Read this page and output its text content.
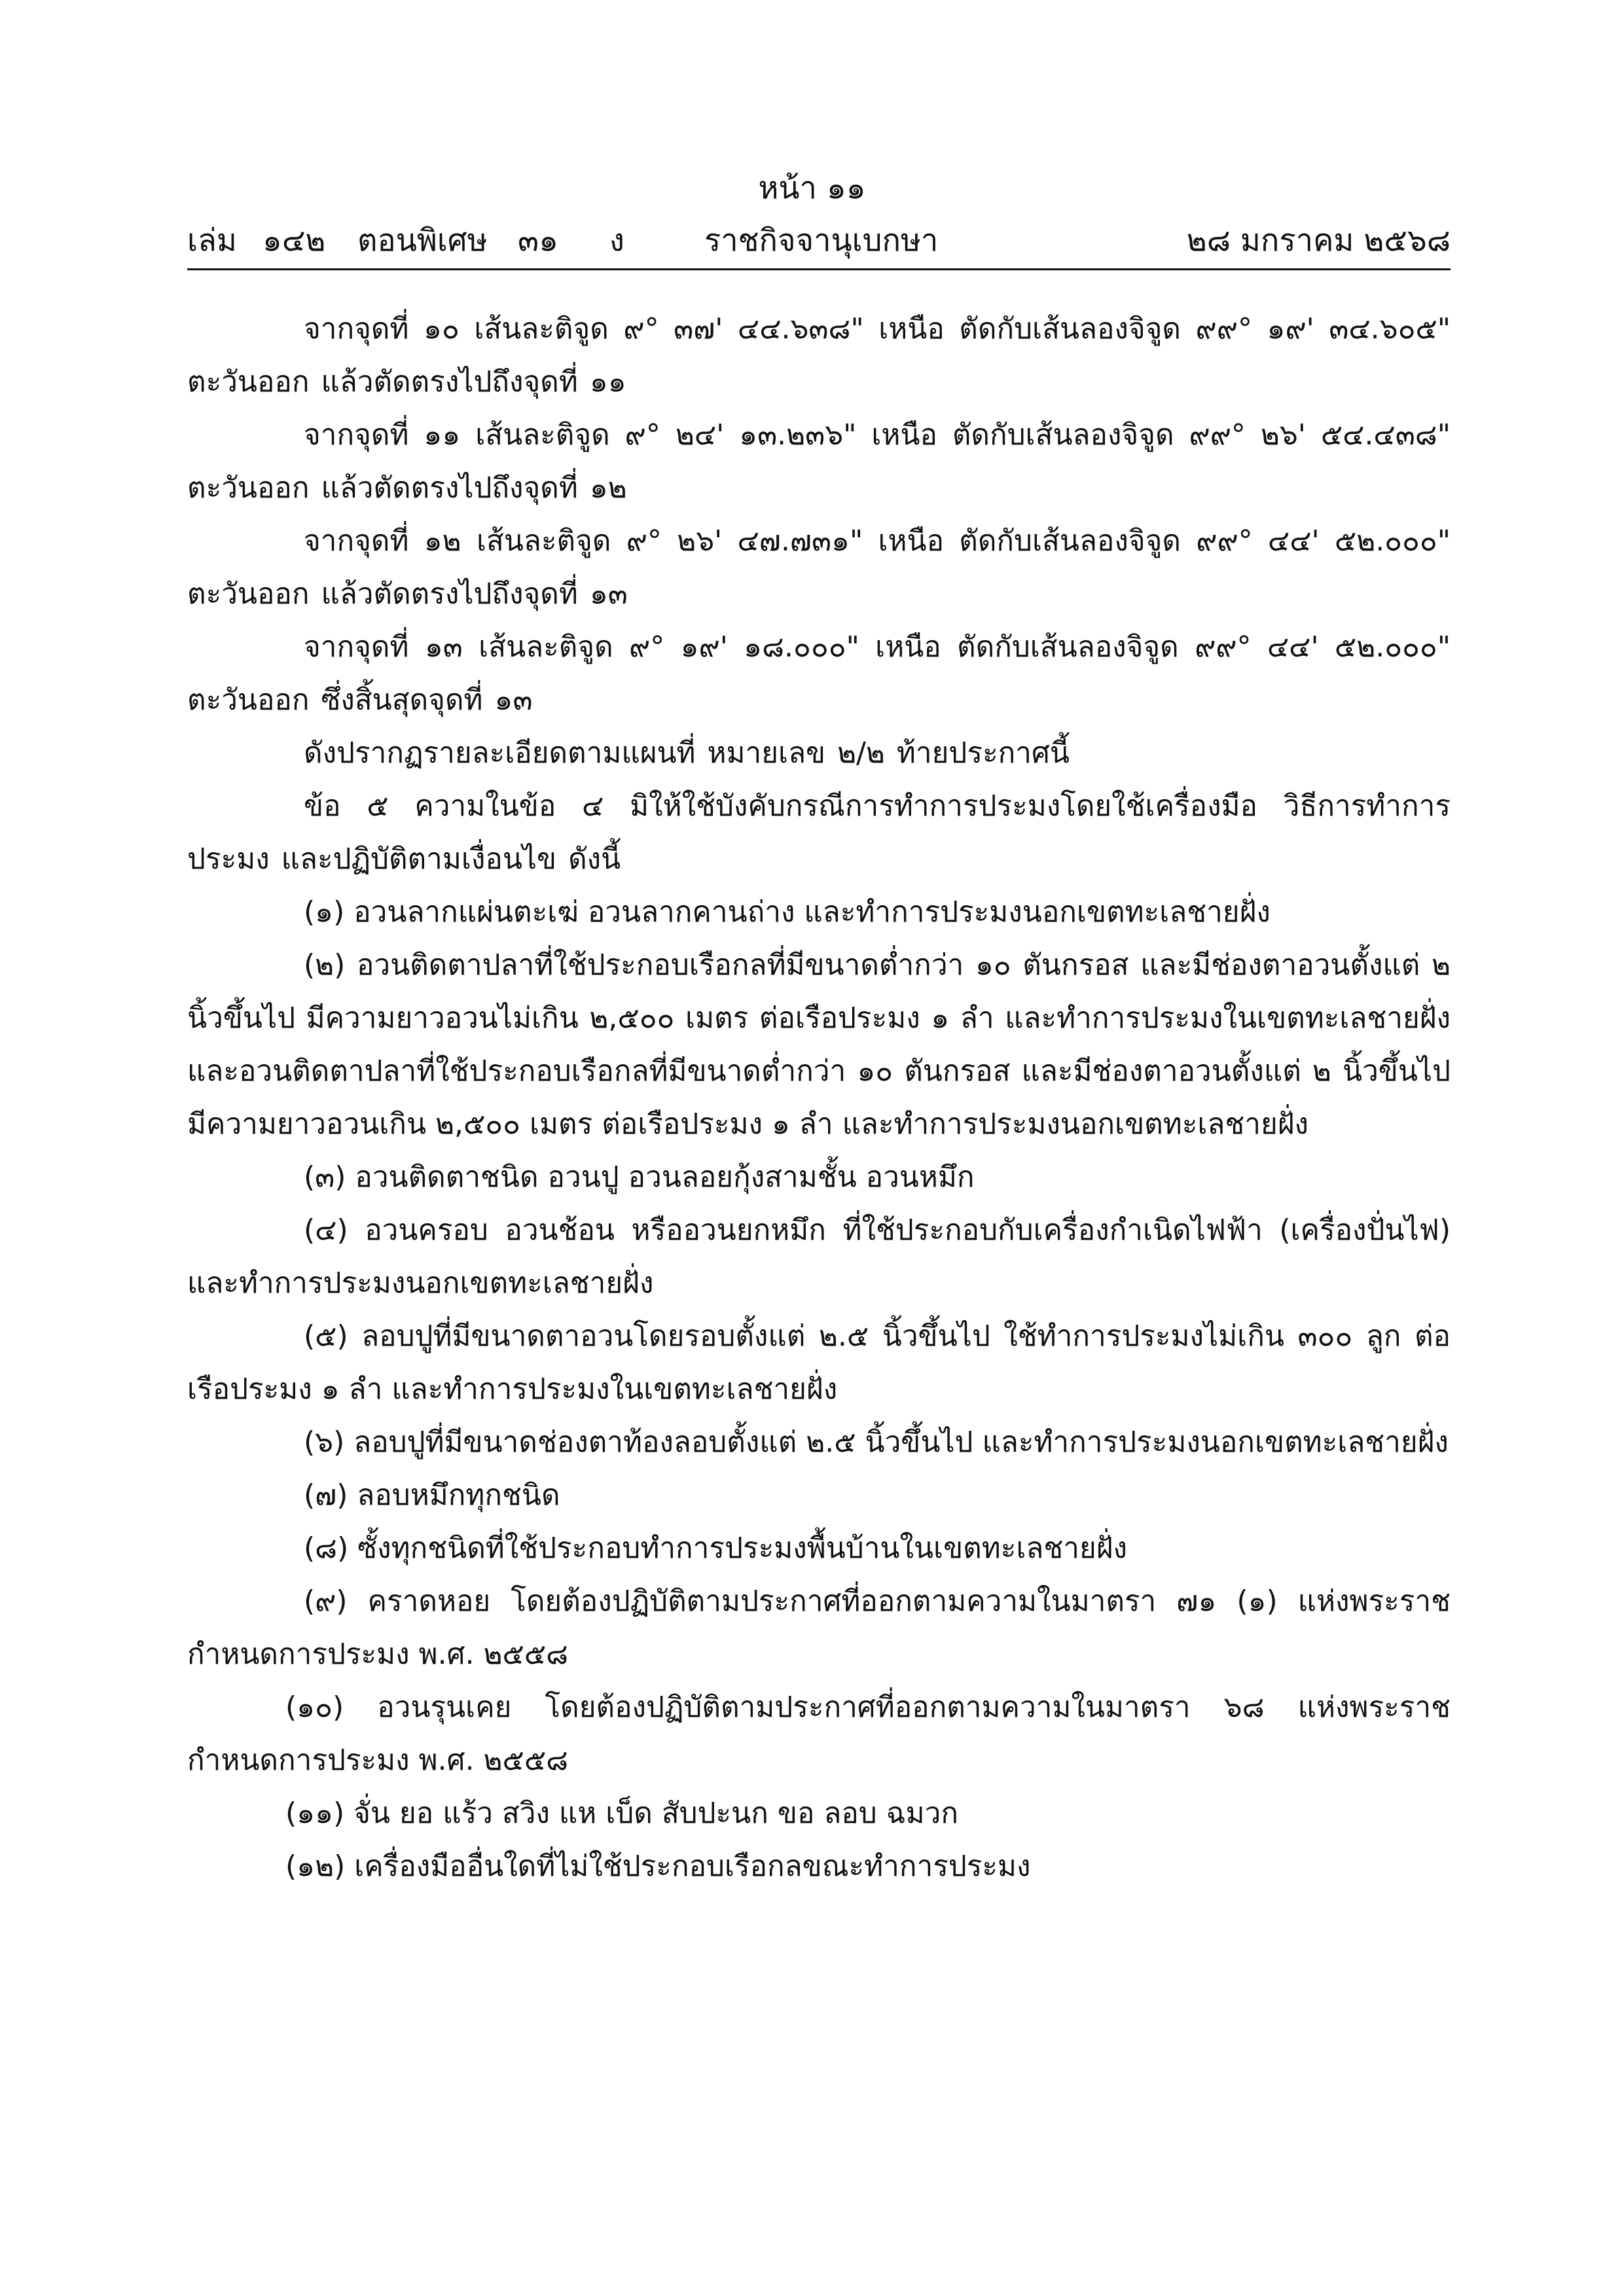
หน้า ๑๑
เล่ม ๑๔๒ ตอนพิเศษ ๓๑ ง	ราชกิจจานุเบกษา	๒๘ มกราคม ๒๕๖๘

จากจุดที่ ๑๐ เส้นละติจูด ๙° ๓๗' ๔๔.๖๓๘" เหนือ ตัดกับเส้นลองจิจูด ๙๙° ๑๙' ๓๔.๖๐๕" ตะวันออก แล้วตัดตรงไปถึงจุดที่ ๑๑

จากจุดที่ ๑๑ เส้นละติจูด ๙° ๒๔' ๑๓.๒๓๖" เหนือ ตัดกับเส้นลองจิจูด ๙๙° ๒๖' ๕๔.๔๓๘" ตะวันออก แล้วตัดตรงไปถึงจุดที่ ๑๒

จากจุดที่ ๑๒ เส้นละติจูด ๙° ๒๖' ๔๗.๗๓๑" เหนือ ตัดกับเส้นลองจิจูด ๙๙° ๔๔' ๕๒.๐๐๐" ตะวันออก แล้วตัดตรงไปถึงจุดที่ ๑๓

จากจุดที่ ๑๓ เส้นละติจูด ๙° ๑๙' ๑๘.๐๐๐" เหนือ ตัดกับเส้นลองจิจูด ๙๙° ๔๔' ๕๒.๐๐๐" ตะวันออก ซึ่งสิ้นสุดจุดที่ ๑๓

ดังปรากฏรายละเอียดตามแผนที่ หมายเลข ๒/๒ ท้ายประกาศนี้

ข้อ ๕ ความในข้อ ๔ มิให้ใช้บังคับกรณีการทำการประมงโดยใช้เครื่องมือ วิธีการทำการประมง และปฏิบัติตามเงื่อนไข ดังนี้

(๑) อวนลากแผ่นตะเฆ่ อวนลากคานถ่าง และทำการประมงนอกเขตทะเลชายฝั่ง

(๒) อวนติดตาปลาที่ใช้ประกอบเรือกลที่มีขนาดต่ำกว่า ๑๐ ตันกรอส และมีช่องตาอวนตั้งแต่ ๒ นิ้วขึ้นไป มีความยาวอวนไม่เกิน ๒,๕๐๐ เมตร ต่อเรือประมง ๑ ลำ และทำการประมงในเขตทะเลชายฝั่ง และอวนติดตาปลาที่ใช้ประกอบเรือกลที่มีขนาดต่ำกว่า ๑๐ ตันกรอส และมีช่องตาอวนตั้งแต่ ๒ นิ้วขึ้นไป มีความยาวอวนเกิน ๒,๕๐๐ เมตร ต่อเรือประมง ๑ ลำ และทำการประมงนอกเขตทะเลชายฝั่ง

(๓) อวนติดตาชนิด อวนปู อวนลอยกุ้งสามชั้น อวนหมึก

(๔) อวนครอบ อวนช้อน หรืออวนยกหมึก ที่ใช้ประกอบกับเครื่องกำเนิดไฟฟ้า (เครื่องปั่นไฟ) และทำการประมงนอกเขตทะเลชายฝั่ง

(๕) ลอบปูที่มีขนาดตาอวนโดยรอบตั้งแต่ ๒.๕ นิ้วขึ้นไป ใช้ทำการประมงไม่เกิน ๓๐๐ ลูก ต่อเรือประมง ๑ ลำ และทำการประมงในเขตทะเลชายฝั่ง

(๖) ลอบปูที่มีขนาดช่องตาท้องลอบตั้งแต่ ๒.๕ นิ้วขึ้นไป และทำการประมงนอกเขตทะเลชายฝั่ง

(๗) ลอบหมึกทุกชนิด

(๘) ซั้งทุกชนิดที่ใช้ประกอบทำการประมงพื้นบ้านในเขตทะเลชายฝั่ง

(๙) คราดหอย โดยต้องปฏิบัติตามประกาศที่ออกตามความในมาตรา ๗๑ (๑) แห่งพระราชกำหนดการประมง พ.ศ. ๒๕๕๘

(๑๐) อวนรุนเคย โดยต้องปฏิบัติตามประกาศที่ออกตามความในมาตรา ๖๘ แห่งพระราชกำหนดการประมง พ.ศ. ๒๕๕๘

(๑๑) จั่น ยอ แร้ว สวิง แห เบ็ด สับปะนก ขอ ลอบ ฉมวก

(๑๒) เครื่องมืออื่นใดที่ไม่ใช้ประกอบเรือกลขณะทำการประมง
